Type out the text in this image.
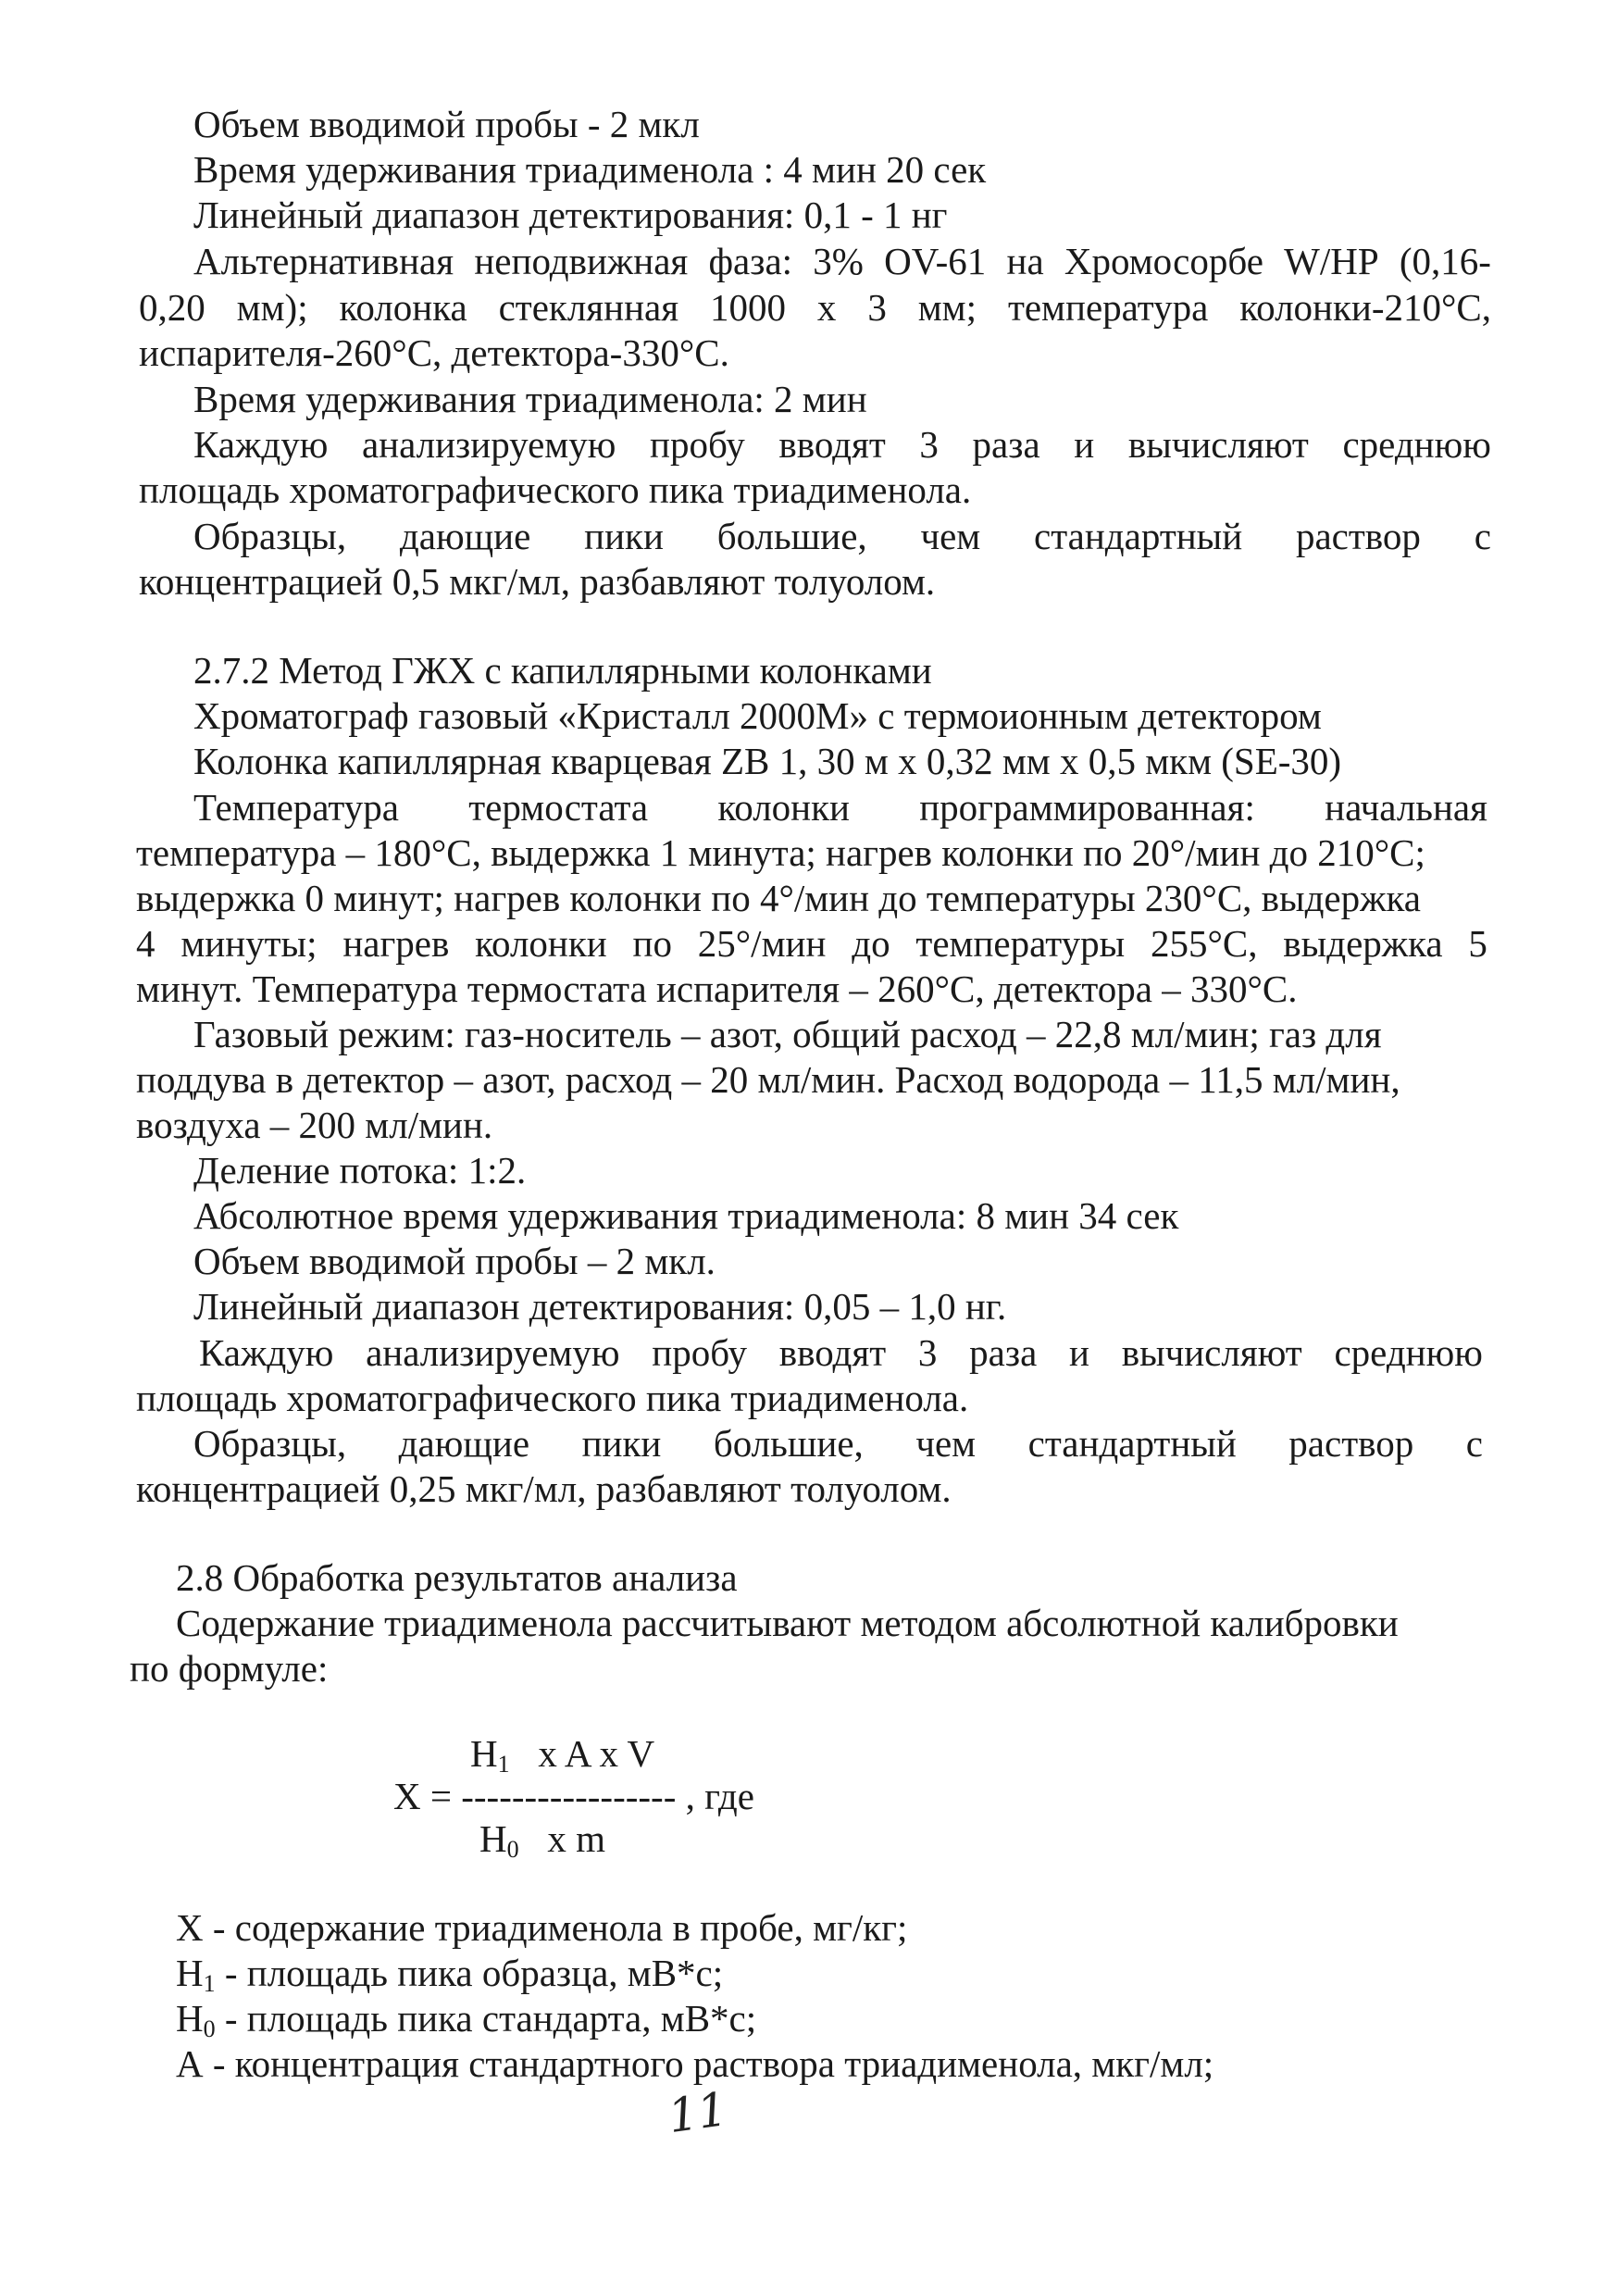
Объем вводимой пробы - 2 мкл
Время удерживания триадименола : 4 мин 20 сек
Линейный диапазон детектирования: 0,1 - 1 нг
Альтернативная неподвижная фаза: 3% OV-61 на Хромосорбе W/HP (0,16-
0,20 мм); колонка стеклянная 1000 x 3 мм; температура колонки-210°С,
испарителя-260°С, детектора-330°С.
Время удерживания триадименола: 2 мин
Каждую анализируемую пробу вводят 3 раза и вычисляют среднюю
площадь хроматографического пика триадименола.
Образцы, дающие пики большие, чем стандартный раствор с
концентрацией 0,5 мкг/мл, разбавляют толуолом.
2.7.2 Метод ГЖХ с капиллярными колонками
Хроматограф газовый «Кристалл 2000М» с термоионным детектором
Колонка капиллярная кварцевая ZB 1, 30 м х 0,32 мм х 0,5 мкм (SE-30)
Температура термостата колонки программированная: начальная
температура – 180°С, выдержка 1 минута; нагрев колонки по 20°/мин до 210°С;
выдержка 0 минут; нагрев колонки по 4°/мин до температуры 230°С, выдержка
4 минуты; нагрев колонки по 25°/мин до температуры 255°С, выдержка 5
минут. Температура термостата испарителя – 260°С, детектора – 330°С.
Газовый режим: газ-носитель – азот, общий расход – 22,8 мл/мин; газ для
поддува в детектор – азот, расход – 20 мл/мин. Расход водорода – 11,5 мл/мин,
воздуха – 200 мл/мин.
Деление потока: 1:2.
Абсолютное время удерживания триадименола: 8 мин 34 сек
Объем вводимой пробы – 2 мкл.
Линейный диапазон детектирования: 0,05 – 1,0 нг.
Каждую анализируемую пробу вводят 3 раза и вычисляют среднюю
площадь хроматографического пика триадименола.
Образцы, дающие пики большие, чем стандартный раствор с
концентрацией 0,25 мкг/мл, разбавляют толуолом.
2.8 Обработка результатов анализа
Содержание триадименола рассчитывают методом абсолютной калибровки
по формуле:
$H_1$ x A x V
X = ----------------- , где
$H_0$ x m
X - содержание триадименола в пробе, мг/кг;
$H_1$ - площадь пика образца, мВ*с;
$H_0$ - площадь пика стандарта, мВ*с;
А - концентрация стандартного раствора триадименола, мкг/мл;
11
